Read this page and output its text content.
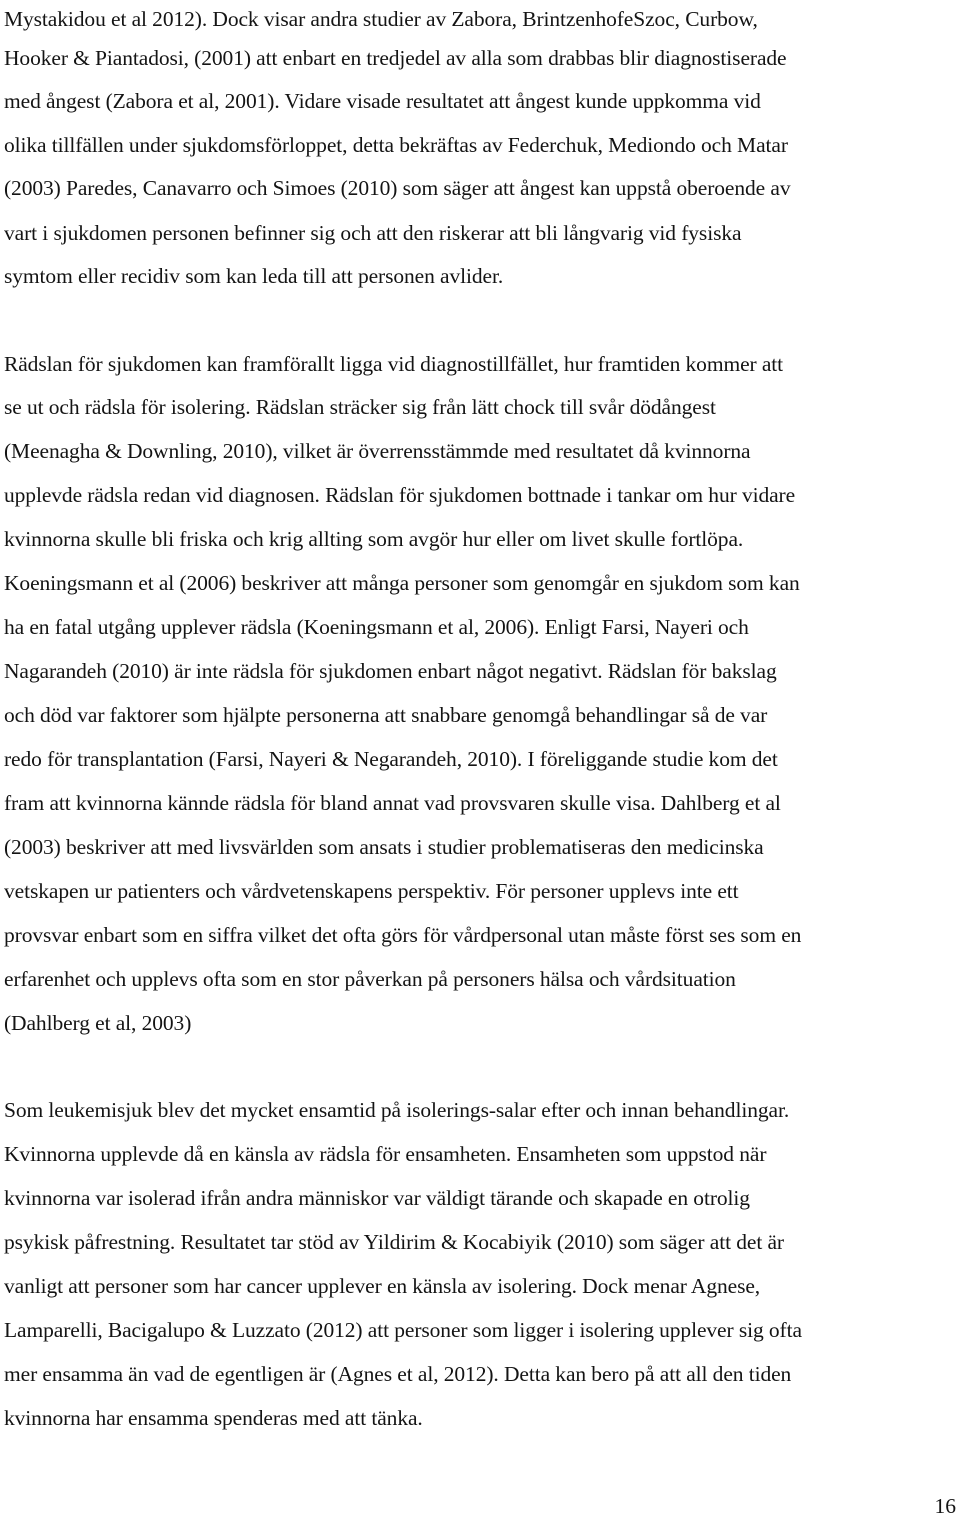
Mystakidou et al 2012). Dock visar andra studier av Zabora, BrintzenhofeSzoc, Curbow,
Hooker & Piantadosi, (2001) att enbart en tredjedel av alla som drabbas blir diagnostiserade
med ångest (Zabora et al, 2001). Vidare visade resultatet att ångest kunde uppkomma vid
olika tillfällen under sjukdomsförloppet, detta bekräftas av Federchuk, Mediondo och Matar
(2003) Paredes, Canavarro och Simoes (2010) som säger att ångest kan uppstå oberoende av
vart i sjukdomen personen befinner sig och att den riskerar att bli långvarig vid fysiska
symtom eller recidiv som kan leda till att personen avlider.
Rädslan för sjukdomen kan framförallt ligga vid diagnostillfället, hur framtiden kommer att
se ut och rädsla för isolering. Rädslan sträcker sig från lätt chock till svår dödångest
(Meenagha & Downling, 2010), vilket är överrensstämmde med resultatet då kvinnorna
upplevde rädsla redan vid diagnosen. Rädslan för sjukdomen bottnade i tankar om hur vidare
kvinnorna skulle bli friska och krig allting som avgör hur eller om livet skulle fortlöpa.
Koeningsmann et al (2006) beskriver att många personer som genomgår en sjukdom som kan
ha en fatal utgång upplever rädsla (Koeningsmann et al, 2006). Enligt Farsi, Nayeri och
Nagarandeh (2010) är inte rädsla för sjukdomen enbart något negativt. Rädslan för bakslag
och död var faktorer som hjälpte personerna att snabbare genomgå behandlingar så de var
redo för transplantation (Farsi, Nayeri & Negarandeh, 2010). I föreliggande studie kom det
fram att kvinnorna kännde rädsla för bland annat vad provsvaren skulle visa. Dahlberg et al
(2003) beskriver att med livsvärlden som ansats i studier problematiseras den medicinska
vetskapen ur patienters och vårdvetenskapens perspektiv. För personer upplevs inte ett
provsvar enbart som en siffra vilket det ofta görs för vårdpersonal utan måste först ses som en
erfarenhet och upplevs ofta som en stor påverkan på personers hälsa och vårdsituation
(Dahlberg et al, 2003)
Som leukemisjuk blev det mycket ensamtid på isolerings-salar efter och innan behandlingar.
Kvinnorna upplevde då en känsla av rädsla för ensamheten. Ensamheten som uppstod när
kvinnorna var isolerad ifrån andra människor var väldigt tärande och skapade en otrolig
psykisk påfrestning. Resultatet tar stöd av Yildirim & Kocabiyik (2010) som säger att det är
vanligt att personer som har cancer upplever en känsla av isolering. Dock menar Agnese,
Lamparelli, Bacigalupo & Luzzato (2012) att personer som ligger i isolering upplever sig ofta
mer ensamma än vad de egentligen är (Agnes et al, 2012). Detta kan bero på att all den tiden
kvinnorna har ensamma spenderas med att tänka.
16
